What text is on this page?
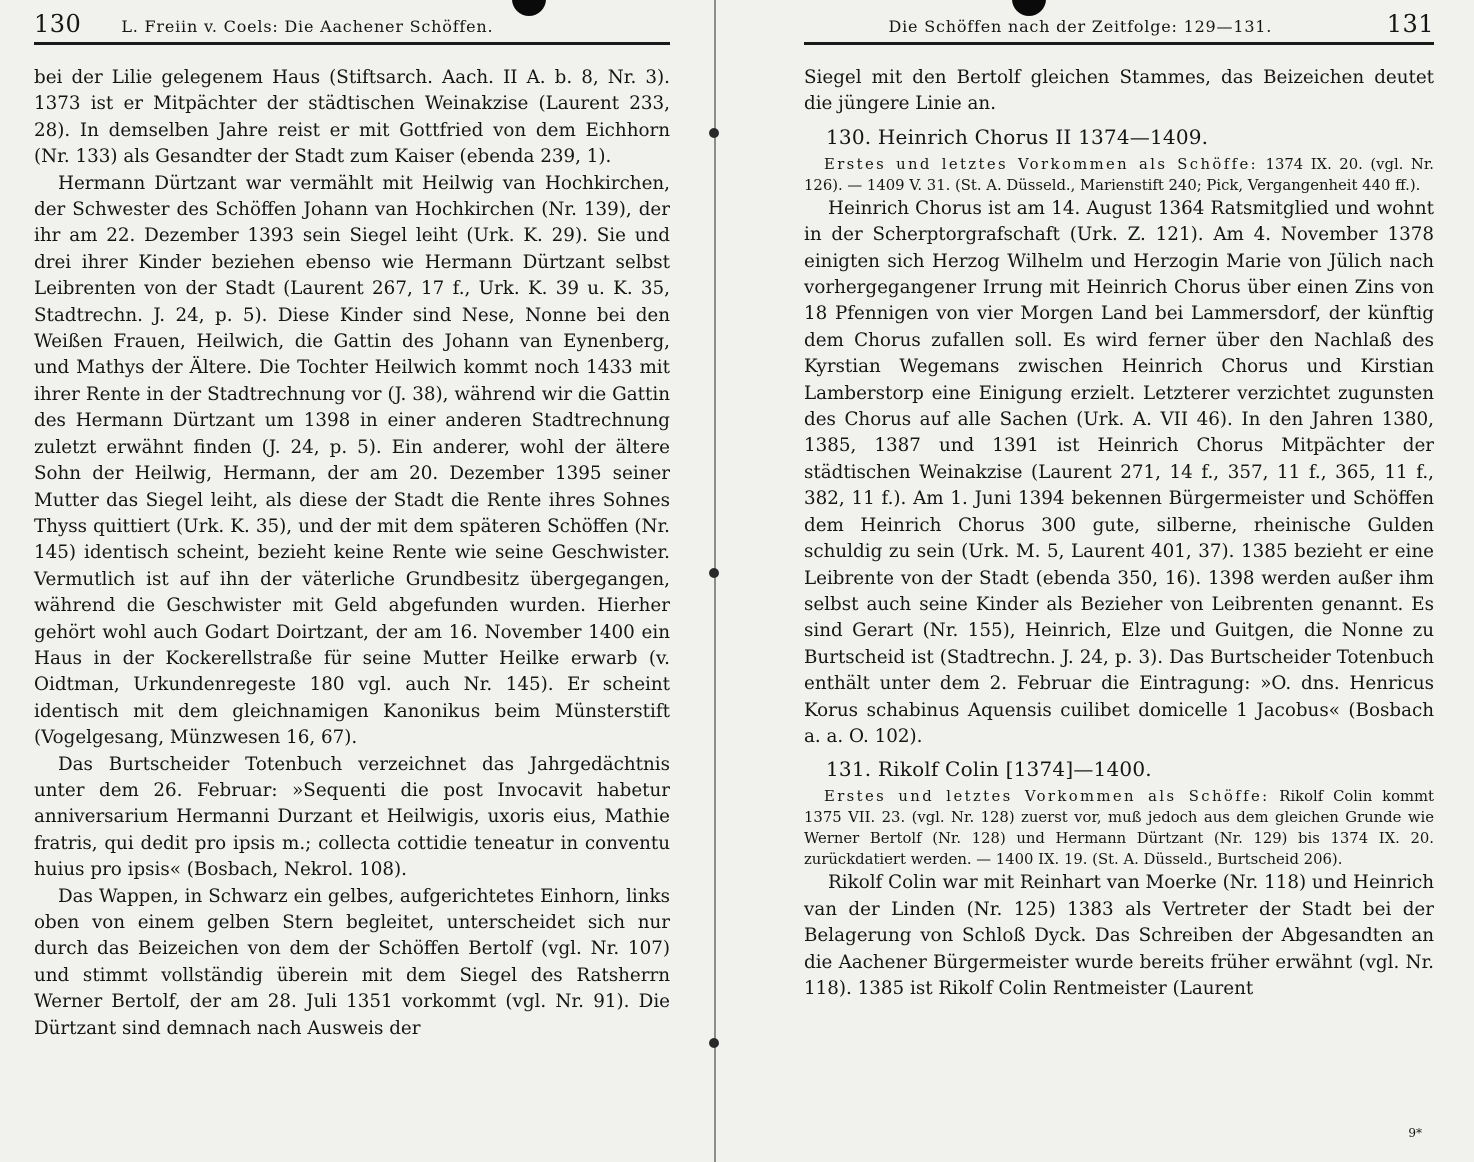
130	L. Freiin v. Coels: Die Aachener Schöffen.

bei der Lilie gelegenem Haus (Stiftsarch. Aach. II A. b. 8, Nr. 3). 1373 ist er Mitpächter der städtischen Weinakzise (Laurent 233, 28). In demselben Jahre reist er mit Gottfried von dem Eichhorn (Nr. 133) als Gesandter der Stadt zum Kaiser (ebenda 239, 1).

Hermann Dürtzant war vermählt mit Heilwig van Hochkirchen, der Schwester des Schöffen Johann van Hochkirchen (Nr. 139), der ihr am 22. Dezember 1393 sein Siegel leiht (Urk. K. 29). Sie und drei ihrer Kinder beziehen ebenso wie Hermann Dürtzant selbst Leibrenten von der Stadt (Laurent 267, 17 f., Urk. K. 39 u. K. 35, Stadtrechn. J. 24, p. 5). Diese Kinder sind Nese, Nonne bei den Weißen Frauen, Heilwich, die Gattin des Johann van Eynenberg, und Mathys der Ältere. Die Tochter Heilwich kommt noch 1433 mit ihrer Rente in der Stadtrechnung vor (J. 38), während wir die Gattin des Hermann Dürtzant um 1398 in einer anderen Stadtrechnung zuletzt erwähnt finden (J. 24, p. 5). Ein anderer, wohl der ältere Sohn der Heilwig, Hermann, der am 20. Dezember 1395 seiner Mutter das Siegel leiht, als diese der Stadt die Rente ihres Sohnes Thyss quittiert (Urk. K. 35), und der mit dem späteren Schöffen (Nr. 145) identisch scheint, bezieht keine Rente wie seine Geschwister. Vermutlich ist auf ihn der väterliche Grundbesitz übergegangen, während die Geschwister mit Geld abgefunden wurden. Hierher gehört wohl auch Godart Doirtzant, der am 16. November 1400 ein Haus in der Kockerellstraße für seine Mutter Heilke erwarb (v. Oidtman, Urkundenregeste 180 vgl. auch Nr. 145). Er scheint identisch mit dem gleichnamigen Kanonikus beim Münsterstift (Vogelgesang, Münzwesen 16, 67).

Das Burtscheider Totenbuch verzeichnet das Jahrgedächtnis unter dem 26. Februar: »Sequenti die post Invocavit habetur anniversarium Hermanni Durzant et Heilwigis, uxoris eius, Mathie fratris, qui dedit pro ipsis m.; collecta cottidie teneatur in conventu huius pro ipsis« (Bosbach, Nekrol. 108).

Das Wappen, in Schwarz ein gelbes, aufgerichtetes Einhorn, links oben von einem gelben Stern begleitet, unterscheidet sich nur durch das Beizeichen von dem der Schöffen Bertolf (vgl. Nr. 107) und stimmt vollständig überein mit dem Siegel des Ratsherrn Werner Bertolf, der am 28. Juli 1351 vorkommt (vgl. Nr. 91). Die Dürtzant sind demnach nach Ausweis der

Die Schöffen nach der Zeitfolge: 129—131.	131

Siegel mit den Bertolf gleichen Stammes, das Beizeichen deutet die jüngere Linie an.

130. Heinrich Chorus II 1374—1409.

Erstes und letztes Vorkommen als Schöffe: 1374 IX. 20. (vgl. Nr. 126). — 1409 V. 31. (St. A. Düsseld., Marienstift 240; Pick, Vergangenheit 440 ff.).

Heinrich Chorus ist am 14. August 1364 Ratsmitglied und wohnt in der Scherptorgrafschaft (Urk. Z. 121). Am 4. November 1378 einigten sich Herzog Wilhelm und Herzogin Marie von Jülich nach vorhergegangener Irrung mit Heinrich Chorus über einen Zins von 18 Pfennigen von vier Morgen Land bei Lammersdorf, der künftig dem Chorus zufallen soll. Es wird ferner über den Nachlaß des Kyrstian Wegemans zwischen Heinrich Chorus und Kirstian Lamberstorp eine Einigung erzielt. Letzterer verzichtet zugunsten des Chorus auf alle Sachen (Urk. A. VII 46). In den Jahren 1380, 1385, 1387 und 1391 ist Heinrich Chorus Mitpächter der städtischen Weinakzise (Laurent 271, 14 f., 357, 11 f., 365, 11 f., 382, 11 f.). Am 1. Juni 1394 bekennen Bürgermeister und Schöffen dem Heinrich Chorus 300 gute, silberne, rheinische Gulden schuldig zu sein (Urk. M. 5, Laurent 401, 37). 1385 bezieht er eine Leibrente von der Stadt (ebenda 350, 16). 1398 werden außer ihm selbst auch seine Kinder als Bezieher von Leibrenten genannt. Es sind Gerart (Nr. 155), Heinrich, Elze und Guitgen, die Nonne zu Burtscheid ist (Stadtrechn. J. 24, p. 3). Das Burtscheider Totenbuch enthält unter dem 2. Februar die Eintragung: »O. dns. Henricus Korus schabinus Aquensis cuilibet domicelle 1 Jacobus« (Bosbach a. a. O. 102).

131. Rikolf Colin [1374]—1400.

Erstes und letztes Vorkommen als Schöffe: Rikolf Colin kommt 1375 VII. 23. (vgl. Nr. 128) zuerst vor, muß jedoch aus dem gleichen Grunde wie Werner Bertolf (Nr. 128) und Hermann Dürtzant (Nr. 129) bis 1374 IX. 20. zurückdatiert werden. — 1400 IX. 19. (St. A. Düsseld., Burtscheid 206).

Rikolf Colin war mit Reinhart van Moerke (Nr. 118) und Heinrich van der Linden (Nr. 125) 1383 als Vertreter der Stadt bei der Belagerung von Schloß Dyck. Das Schreiben der Abgesandten an die Aachener Bürgermeister wurde bereits früher erwähnt (vgl. Nr. 118). 1385 ist Rikolf Colin Rentmeister (Laurent

9*
